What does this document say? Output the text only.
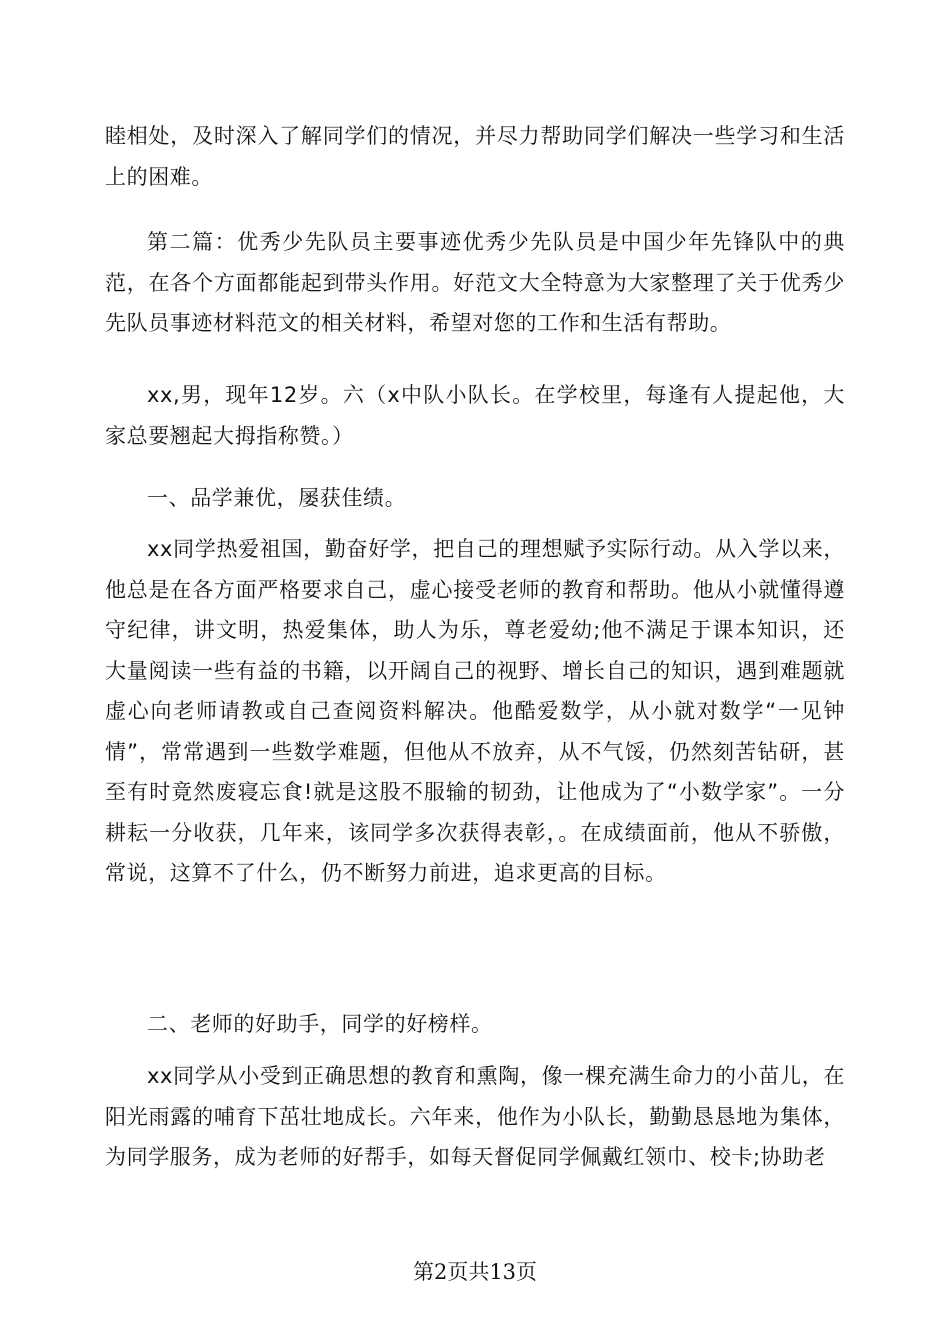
睦相处，及时深入了解同学们的情况，并尽力帮助同学们解决一些学习和生活上的困难。

第二篇：优秀少先队员主要事迹优秀少先队员是中国少年先锋队中的典范，在各个方面都能起到带头作用。好范文大全特意为大家整理了关于优秀少先队员事迹材料范文的相关材料，希望对您的工作和生活有帮助。

xx,男，现年12岁。六（x中队小队长。在学校里，每逢有人提起他，大家总要翘起大拇指称赞。）

一、品学兼优，屡获佳绩。

xx同学热爱祖国，勤奋好学，把自己的理想赋予实际行动。从入学以来，他总是在各方面严格要求自己，虚心接受老师的教育和帮助。他从小就懂得遵守纪律，讲文明，热爱集体，助人为乐，尊老爱幼;他不满足于课本知识，还大量阅读一些有益的书籍，以开阔自己的视野、增长自己的知识，遇到难题就虚心向老师请教或自己查阅资料解决。他酷爱数学，从小就对数学“一见钟情”，常常遇到一些数学难题，但他从不放弃，从不气馁，仍然刻苦钻研，甚至有时竟然废寝忘食!就是这股不服输的韧劲，让他成为了“小数学家”。一分耕耘一分收获，几年来，该同学多次获得表彰，。在成绩面前，他从不骄傲，常说，这算不了什么，仍不断努力前进，追求更高的目标。

二、老师的好助手，同学的好榜样。

xx同学从小受到正确思想的教育和熏陶，像一棵充满生命力的小苗儿，在阳光雨露的哺育下茁壮地成长。六年来，他作为小队长，勤勤恳恳地为集体，为同学服务，成为老师的好帮手，如每天督促同学佩戴红领巾、校卡;协助老

第2页共13页
